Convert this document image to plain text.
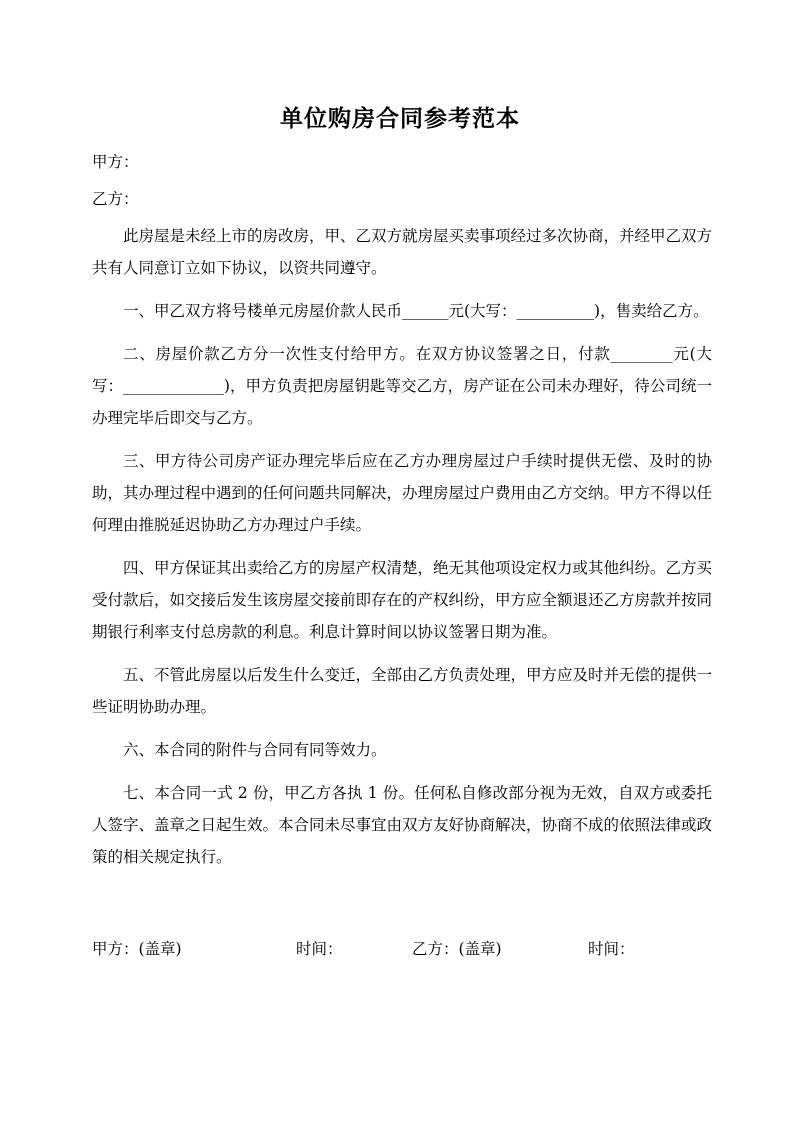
单位购房合同参考范本
甲方：
乙方：

此房屋是未经上市的房改房，甲、乙双方就房屋买卖事项经过多次协商，并经甲乙双方共有人同意订立如下协议，以资共同遵守。

一、甲乙双方将号楼单元房屋价款人民币______元(大写：__________)，售卖给乙方。

二、房屋价款乙方分一次性支付给甲方。在双方协议签署之日，付款________元(大写：_____________)，甲方负责把房屋钥匙等交乙方，房产证在公司未办理好，待公司统一办理完毕后即交与乙方。

三、甲方待公司房产证办理完毕后应在乙方办理房屋过户手续时提供无偿、及时的协助，其办理过程中遇到的任何问题共同解决，办理房屋过户费用由乙方交纳。甲方不得以任何理由推脱延迟协助乙方办理过户手续。

四、甲方保证其出卖给乙方的房屋产权清楚，绝无其他项设定权力或其他纠纷。乙方买受付款后，如交接后发生该房屋交接前即存在的产权纠纷，甲方应全额退还乙方房款并按同期银行利率支付总房款的利息。利息计算时间以协议签署日期为准。

五、不管此房屋以后发生什么变迁，全部由乙方负责处理，甲方应及时并无偿的提供一些证明协助办理。

六、本合同的附件与合同有同等效力。

七、本合同一式 2 份，甲乙方各执 1 份。任何私自修改部分视为无效，自双方或委托人签字、盖章之日起生效。本合同未尽事宜由双方友好协商解决，协商不成的依照法律或政策的相关规定执行。

甲方：(盖章)	时间：	乙方：(盖章)	时间：
